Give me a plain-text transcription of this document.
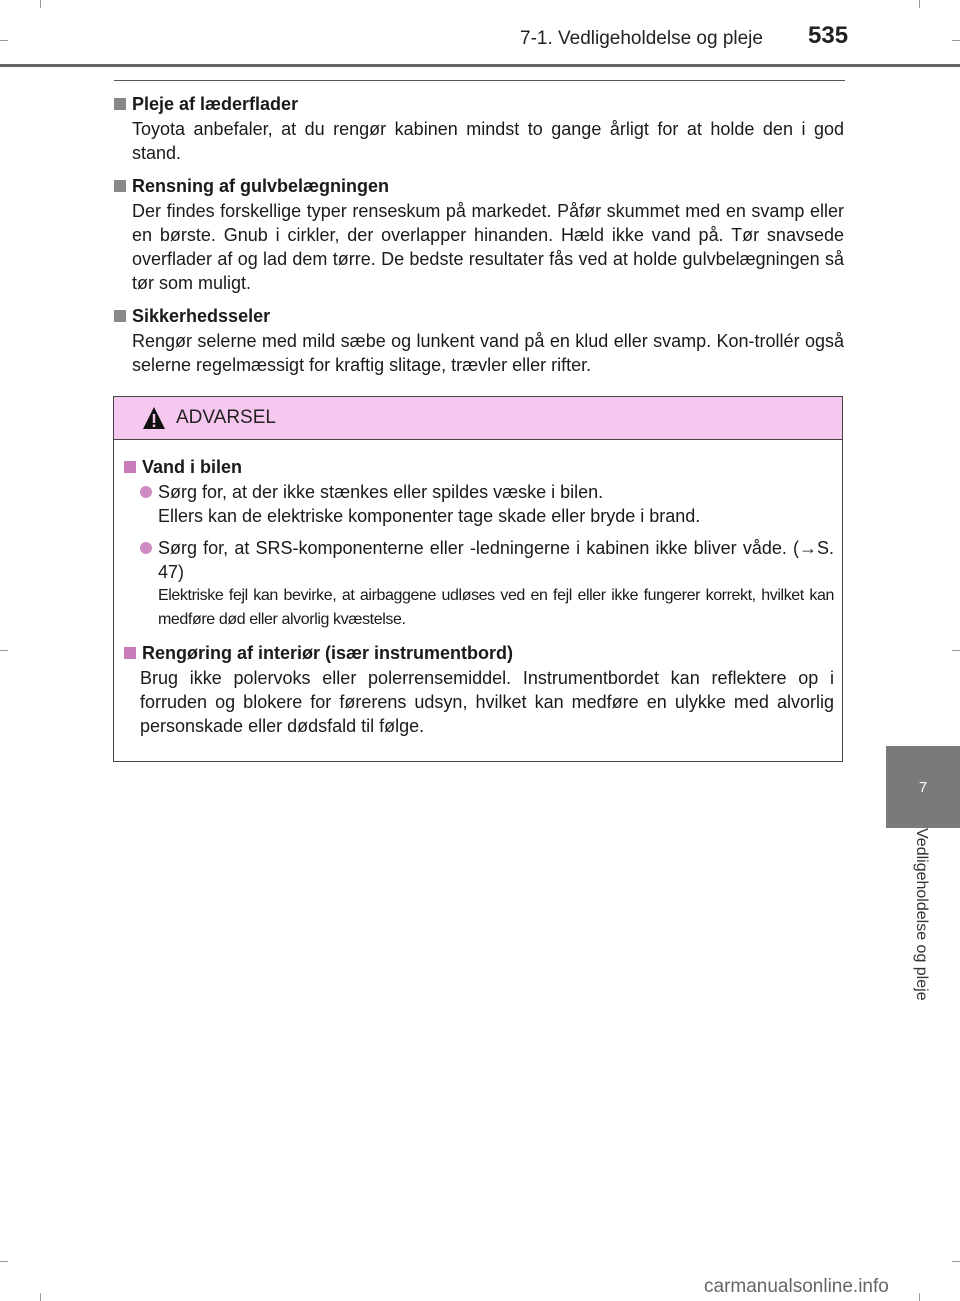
7-1. Vedligeholdelse og pleje	535
7
Vedligeholdelse og pleje
Pleje af læderflader
Toyota anbefaler, at du rengør kabinen mindst to gange årligt for at holde den i god stand.
Rensning af gulvbelægningen
Der findes forskellige typer renseskum på markedet. Påfør skummet med en svamp eller en børste. Gnub i cirkler, der overlapper hinanden. Hæld ikke vand på. Tør snavsede overflader af og lad dem tørre. De bedste resultater fås ved at holde gulvbelægningen så tør som muligt.
Sikkerhedsseler
Rengør selerne med mild sæbe og lunkent vand på en klud eller svamp. Kon-trollér også selerne regelmæssigt for kraftig slitage, trævler eller rifter.
ADVARSEL
Vand i bilen
Sørg for, at der ikke stænkes eller spildes væske i bilen.
Ellers kan de elektriske komponenter tage skade eller bryde i brand.
Sørg for, at SRS-komponenterne eller -ledningerne i kabinen ikke bliver våde. (→S. 47)
Elektriske fejl kan bevirke, at airbaggene udløses ved en fejl eller ikke fungerer korrekt, hvilket kan medføre død eller alvorlig kvæstelse.
Rengøring af interiør (især instrumentbord)
Brug ikke polervoks eller polerrensemiddel. Instrumentbordet kan reflektere op i forruden og blokere for førerens udsyn, hvilket kan medføre en ulykke med alvorlig personskade eller dødsfald til følge.
carmanualsonline.info
